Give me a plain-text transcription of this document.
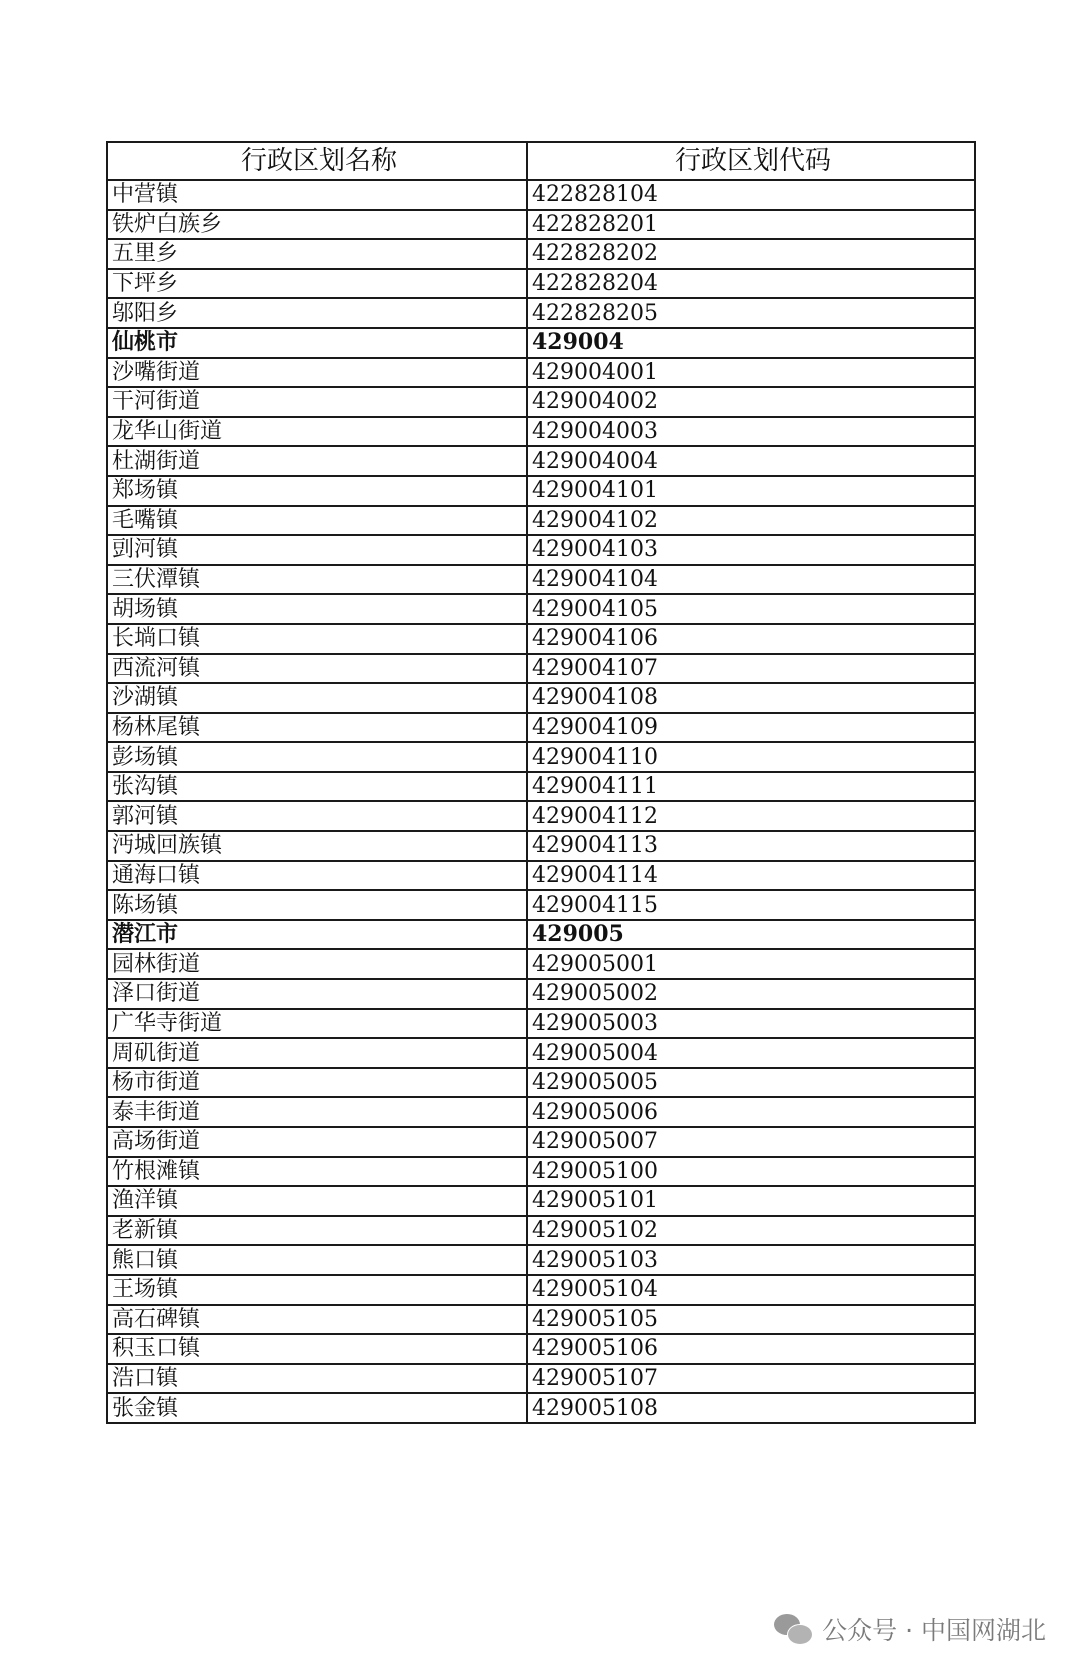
行政区划名称	行政区划代码
中营镇	422828104
铁炉白族乡	422828201
五里乡	422828202
下坪乡	422828204
邬阳乡	422828205
仙桃市	429004
沙嘴街道	429004001
干河街道	429004002
龙华山街道	429004003
杜湖街道	429004004
郑场镇	429004101
毛嘴镇	429004102
剅河镇	429004103
三伏潭镇	429004104
胡场镇	429004105
长埫口镇	429004106
西流河镇	429004107
沙湖镇	429004108
杨林尾镇	429004109
彭场镇	429004110
张沟镇	429004111
郭河镇	429004112
沔城回族镇	429004113
通海口镇	429004114
陈场镇	429004115
潜江市	429005
园林街道	429005001
泽口街道	429005002
广华寺街道	429005003
周矶街道	429005004
杨市街道	429005005
泰丰街道	429005006
高场街道	429005007
竹根滩镇	429005100
渔洋镇	429005101
老新镇	429005102
熊口镇	429005103
王场镇	429005104
高石碑镇	429005105
积玉口镇	429005106
浩口镇	429005107
张金镇	429005108
公众号 · 中国网湖北
